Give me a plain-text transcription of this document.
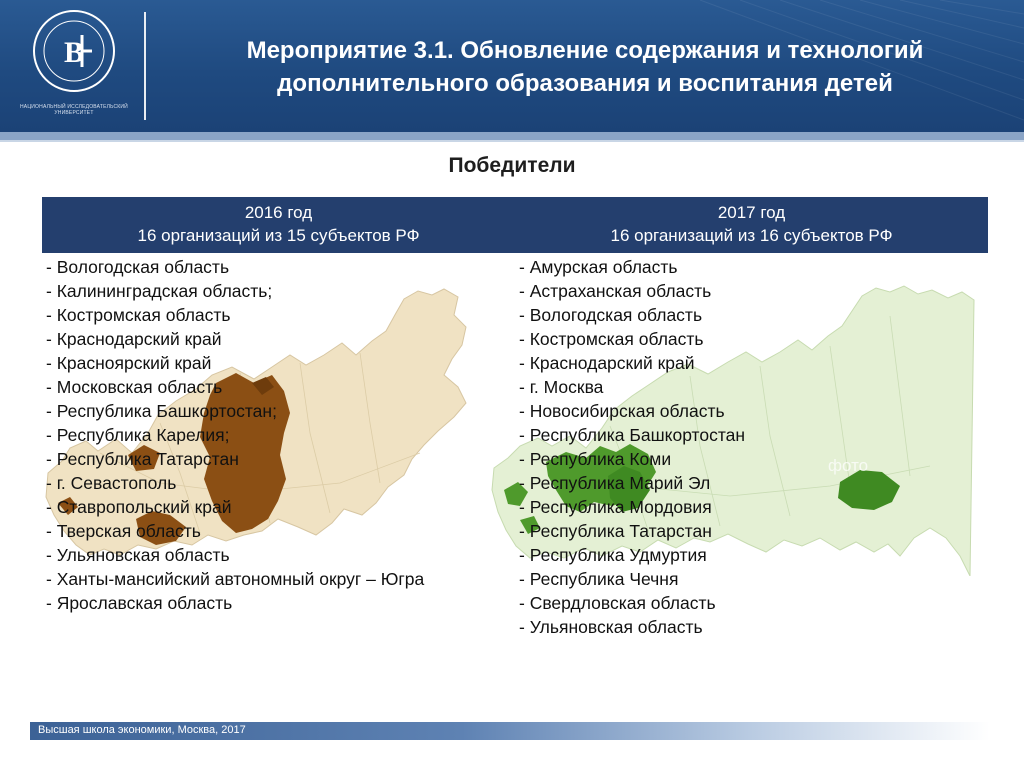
В
НАЦИОНАЛЬНЫЙ ИССЛЕДОВАТЕЛЬСКИЙ УНИВЕРСИТЕТ
Мероприятие 3.1. Обновление содержания и технологий
дополнительного образования и воспитания детей
Победители
фото
2016 год
16 организаций из 15 субъектов РФ
2017 год
16 организаций из 16 субъектов РФ
- Вологодская область
- Калининградская область;
- Костромская область
- Краснодарский край
- Красноярский край
- Московская область
- Республика Башкортостан;
- Республика Карелия;
- Республика Татарстан
- г. Севастополь
- Ставропольский край
- Тверская область
- Ульяновская область
- Ханты-мансийский автономный округ – Югра
- Ярославская область
- Амурская область
- Астраханская область
- Вологодская область
- Костромская область
- Краснодарский край
- г. Москва
- Новосибирская область
- Республика Башкортостан
- Республика Коми
- Республика Марий Эл
- Республика Мордовия
- Республика Татарстан
- Республика Удмуртия
- Республика Чечня
- Свердловская область
- Ульяновская область
Высшая школа экономики, Москва, 2017
